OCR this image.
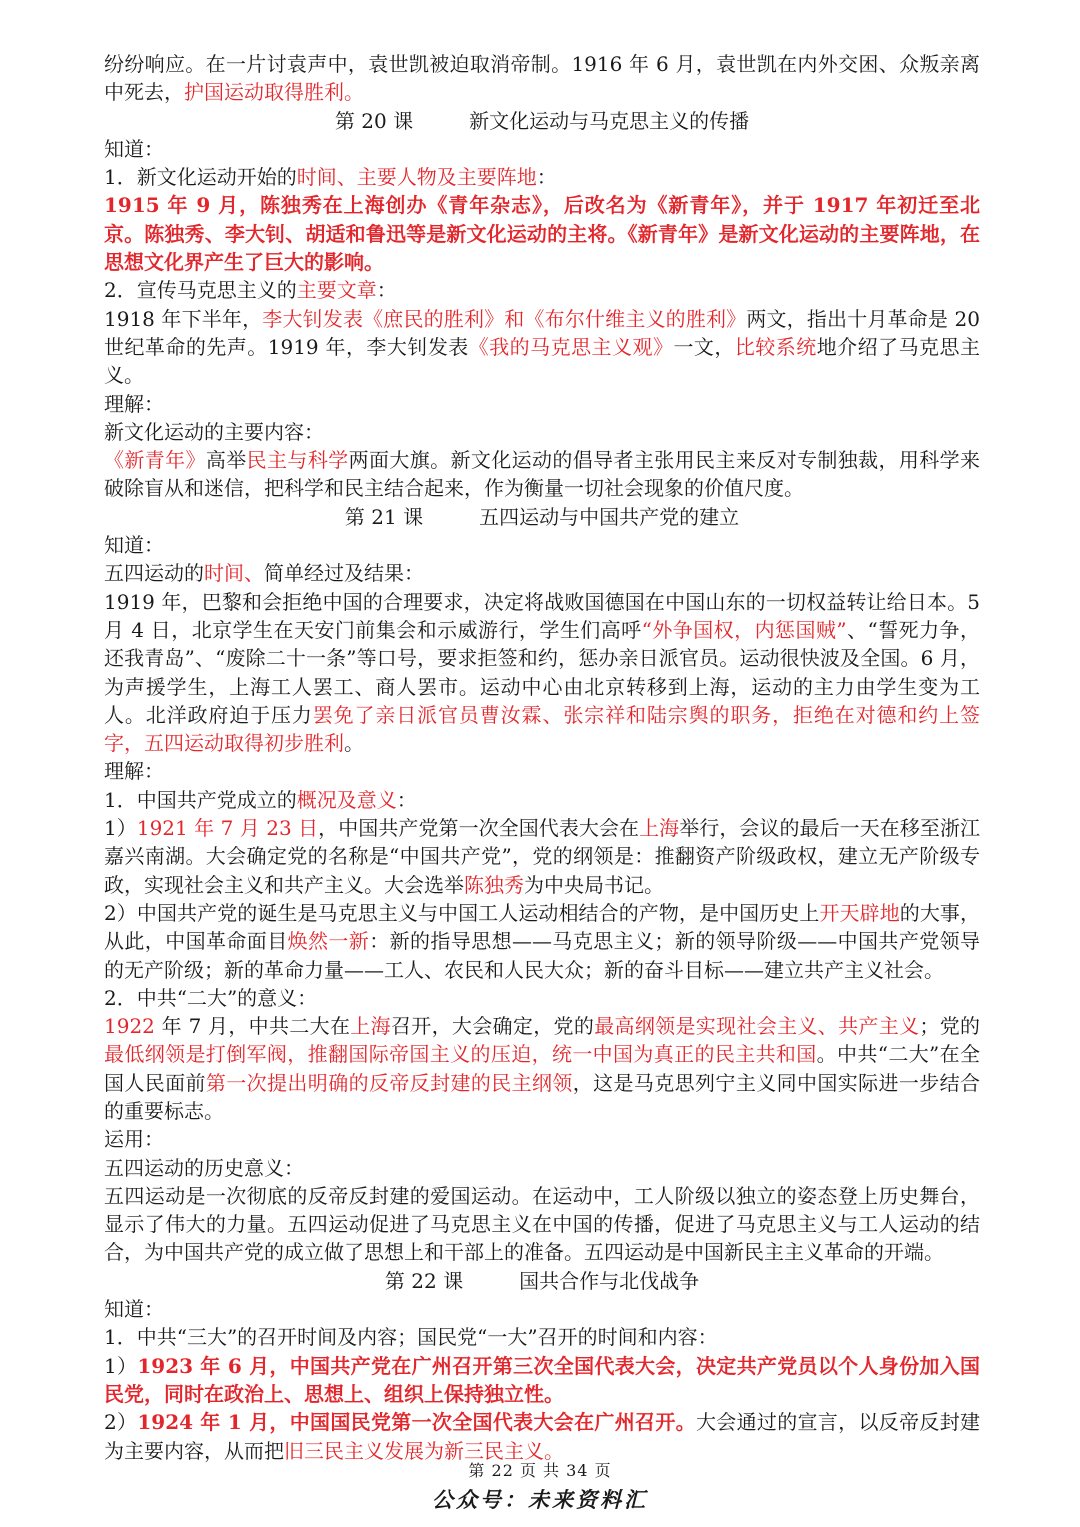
纷纷响应。在一片讨袁声中，袁世凯被迫取消帝制。1916 年 6 月，袁世凯在内外交困、众叛亲离中死去，护国运动取得胜利。

第 20 课	新文化运动与马克思主义的传播

知道：

1．新文化运动开始的时间、主要人物及主要阵地：

1915 年 9 月，陈独秀在上海创办《青年杂志》，后改名为《新青年》，并于 1917 年初迁至北京。陈独秀、李大钊、胡适和鲁迅等是新文化运动的主将。《新青年》是新文化运动的主要阵地，在思想文化界产生了巨大的影响。

2．宣传马克思主义的主要文章：

1918 年下半年，李大钊发表《庶民的胜利》和《布尔什维主义的胜利》两文，指出十月革命是 20 世纪革命的先声。1919 年，李大钊发表《我的马克思主义观》一文，比较系统地介绍了马克思主义。

理解：

新文化运动的主要内容：

《新青年》高举民主与科学两面大旗。新文化运动的倡导者主张用民主来反对专制独裁，用科学来破除盲从和迷信，把科学和民主结合起来，作为衡量一切社会现象的价值尺度。

第 21 课	五四运动与中国共产党的建立

知道：

五四运动的时间、简单经过及结果：

1919 年，巴黎和会拒绝中国的合理要求，决定将战败国德国在中国山东的一切权益转让给日本。5 月 4 日，北京学生在天安门前集会和示威游行，学生们高呼“外争国权，内惩国贼”、“誓死力争，还我青岛”、“废除二十一条”等口号，要求拒签和约，惩办亲日派官员。运动很快波及全国。6 月，为声援学生，上海工人罢工、商人罢市。运动中心由北京转移到上海，运动的主力由学生变为工人。北洋政府迫于压力罢免了亲日派官员曹汝霖、张宗祥和陆宗舆的职务，拒绝在对德和约上签字，五四运动取得初步胜利。

理解：

1．中国共产党成立的概况及意义：

1）1921 年 7 月 23 日，中国共产党第一次全国代表大会在上海举行，会议的最后一天在移至浙江嘉兴南湖。大会确定党的名称是“中国共产党”，党的纲领是：推翻资产阶级政权，建立无产阶级专政，实现社会主义和共产主义。大会选举陈独秀为中央局书记。

2）中国共产党的诞生是马克思主义与中国工人运动相结合的产物，是中国历史上开天辟地的大事，从此，中国革命面目焕然一新：新的指导思想——马克思主义；新的领导阶级——中国共产党领导的无产阶级；新的革命力量——工人、农民和人民大众；新的奋斗目标——建立共产主义社会。

2．中共“二大”的意义：

1922 年 7 月，中共二大在上海召开，大会确定，党的最高纲领是实现社会主义、共产主义；党的最低纲领是打倒军阀，推翻国际帝国主义的压迫，统一中国为真正的民主共和国。中共“二大”在全国人民面前第一次提出明确的反帝反封建的民主纲领，这是马克思列宁主义同中国实际进一步结合的重要标志。

运用：

五四运动的历史意义：

五四运动是一次彻底的反帝反封建的爱国运动。在运动中，工人阶级以独立的姿态登上历史舞台，显示了伟大的力量。五四运动促进了马克思主义在中国的传播，促进了马克思主义与工人运动的结合，为中国共产党的成立做了思想上和干部上的准备。五四运动是中国新民主主义革命的开端。

第 22 课	国共合作与北伐战争

知道：

1．中共“三大”的召开时间及内容；国民党“一大”召开的时间和内容：

1）1923 年 6 月，中国共产党在广州召开第三次全国代表大会，决定共产党员以个人身份加入国民党，同时在政治上、思想上、组织上保持独立性。

2）1924 年 1 月，中国国民党第一次全国代表大会在广州召开。大会通过的宣言，以反帝反封建为主要内容，从而把旧三民主义发展为新三民主义。

第 22 页 共 34 页
公众号：未来资料汇
